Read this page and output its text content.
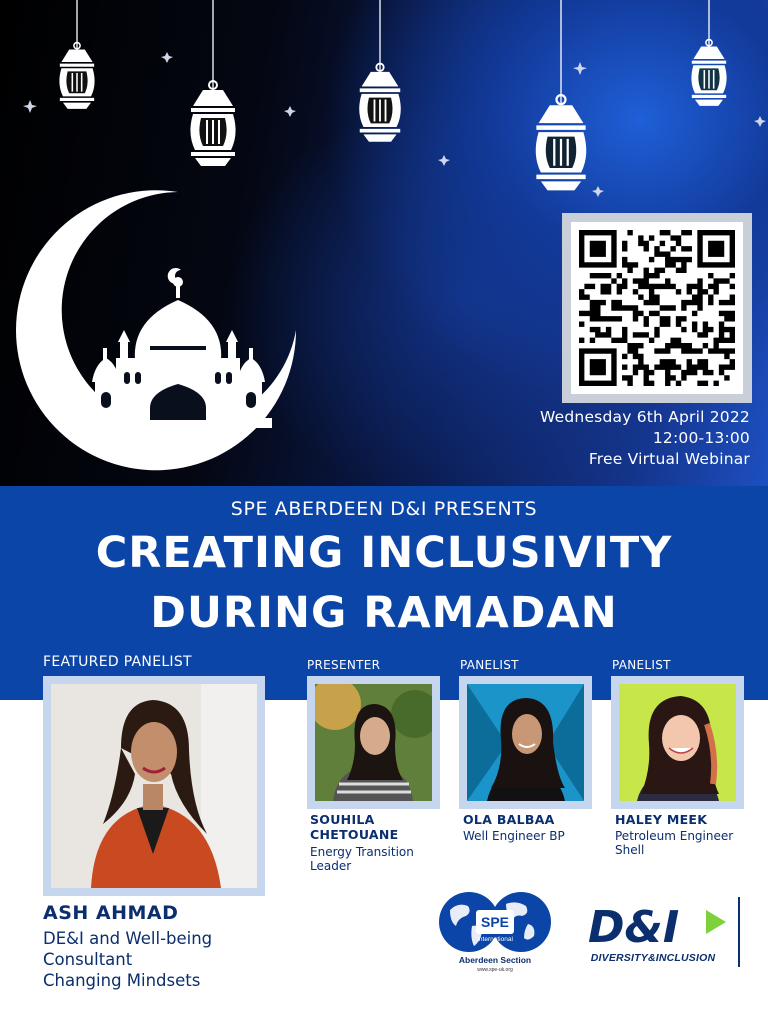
Wednesday 6th April 2022
12:00-13:00
Free Virtual Webinar
SPE ABERDEEN D&I PRESENTS
CREATING INCLUSIVITY
DURING RAMADAN
FEATURED PANELIST	PRESENTER	PANELIST	PANELIST
ASH AHMAD
DE&I and Well-being
Consultant
Changing Mindsets
SOUHILA
CHETOUANE
Energy Transition
Leader
OLA BALBAA
Well Engineer BP
HALEY MEEK
Petroleum Engineer
Shell
SPE
International
Aberdeen Section
www.spe-uk.org
D&I
DIVERSITY&INCLUSION
